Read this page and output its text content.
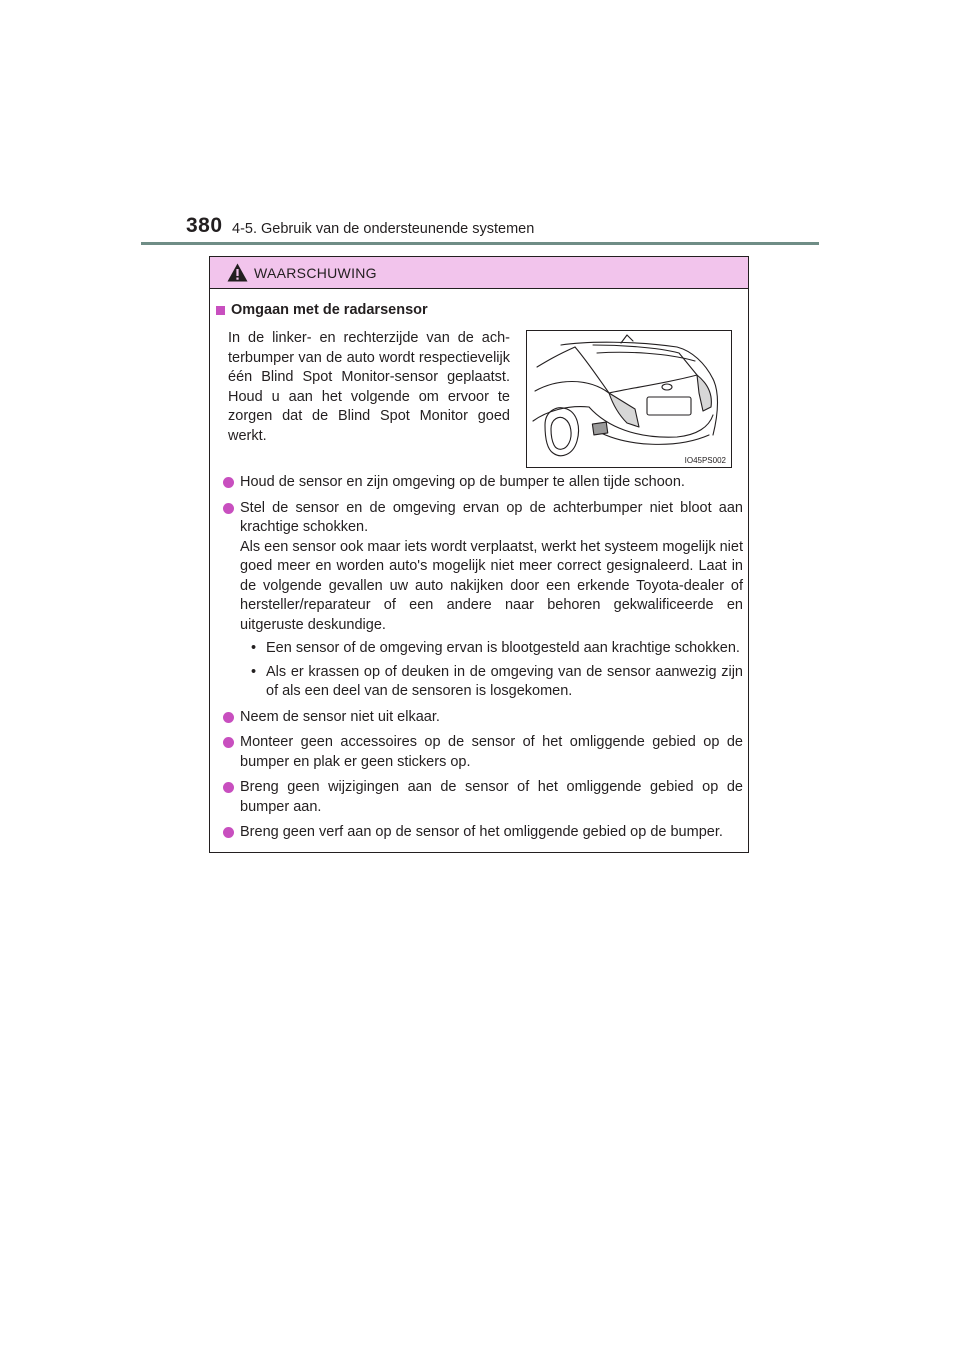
380 4-5. Gebruik van de ondersteunende systemen
WAARSCHUWING
Omgaan met de radarsensor

In de linker- en rechterzijde van de achterbumper van de auto wordt respectievelijk één Blind Spot Monitor-sensor geplaatst. Houd u aan het volgende om ervoor te zorgen dat de Blind Spot Monitor goed werkt.

IO45PS002
Houd de sensor en zijn omgeving op de bumper te allen tijde schoon.
Stel de sensor en de omgeving ervan op de achterbumper niet bloot aan krachtige schokken.
Als een sensor ook maar iets wordt verplaatst, werkt het systeem mogelijk niet goed meer en worden auto's mogelijk niet meer correct gesignaleerd. Laat in de volgende gevallen uw auto nakijken door een erkende Toyota-dealer of hersteller/reparateur of een andere naar behoren gekwalificeerde en uitgeruste deskundige.
• Een sensor of de omgeving ervan is blootgesteld aan krachtige schokken.
• Als er krassen op of deuken in de omgeving van de sensor aanwezig zijn of als een deel van de sensoren is losgekomen.
Neem de sensor niet uit elkaar.
Monteer geen accessoires op de sensor of het omliggende gebied op de bumper en plak er geen stickers op.
Breng geen wijzigingen aan de sensor of het omliggende gebied op de bumper aan.
Breng geen verf aan op de sensor of het omliggende gebied op de bumper.
